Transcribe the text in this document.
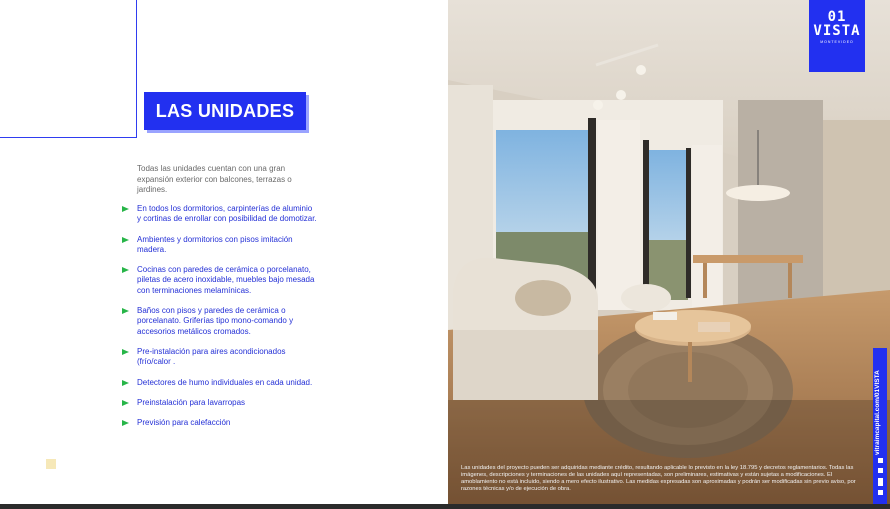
LAS UNIDADES
Todas las unidades cuentan con una gran expansión exterior con balcones, terrazas o jardines.
En todos los dormitorios, carpinterías de aluminio y cortinas de enrollar con posibilidad de domotizar.
Ambientes y dormitorios con pisos imitación madera.
Cocinas con paredes de cerámica o porcelanato, piletas de acero inoxidable, muebles bajo mesada con terminaciones melamínicas.
Baños con pisos y paredes de cerámica o porcelanato. Griferías tipo mono-comando y accesorios metálicos cromados.
Pre-instalación para aires acondicionados (frío/calor .
Detectores de humo individuales en cada unidad.
Preinstalación para lavarropas
Previsión para calefacción
01
VISTA
MONTEVIDEO
vitraimcapital.com/01VISTA
Las unidades del proyecto pueden ser adquiridas mediante crédito, resultando aplicable lo previsto en la ley 18.795 y decretos reglamentarios. Todas las imágenes, descripciones y terminaciones de las unidades aquí representadas, son preliminares, estimativas y están sujetas a modificaciones. El amoblamiento no está incluido, siendo a mero efecto ilustrativo. Las medidas expresadas son aproximadas y podrán ser modificadas sin previo aviso, por razones técnicas y/o de ejecución de obra.
